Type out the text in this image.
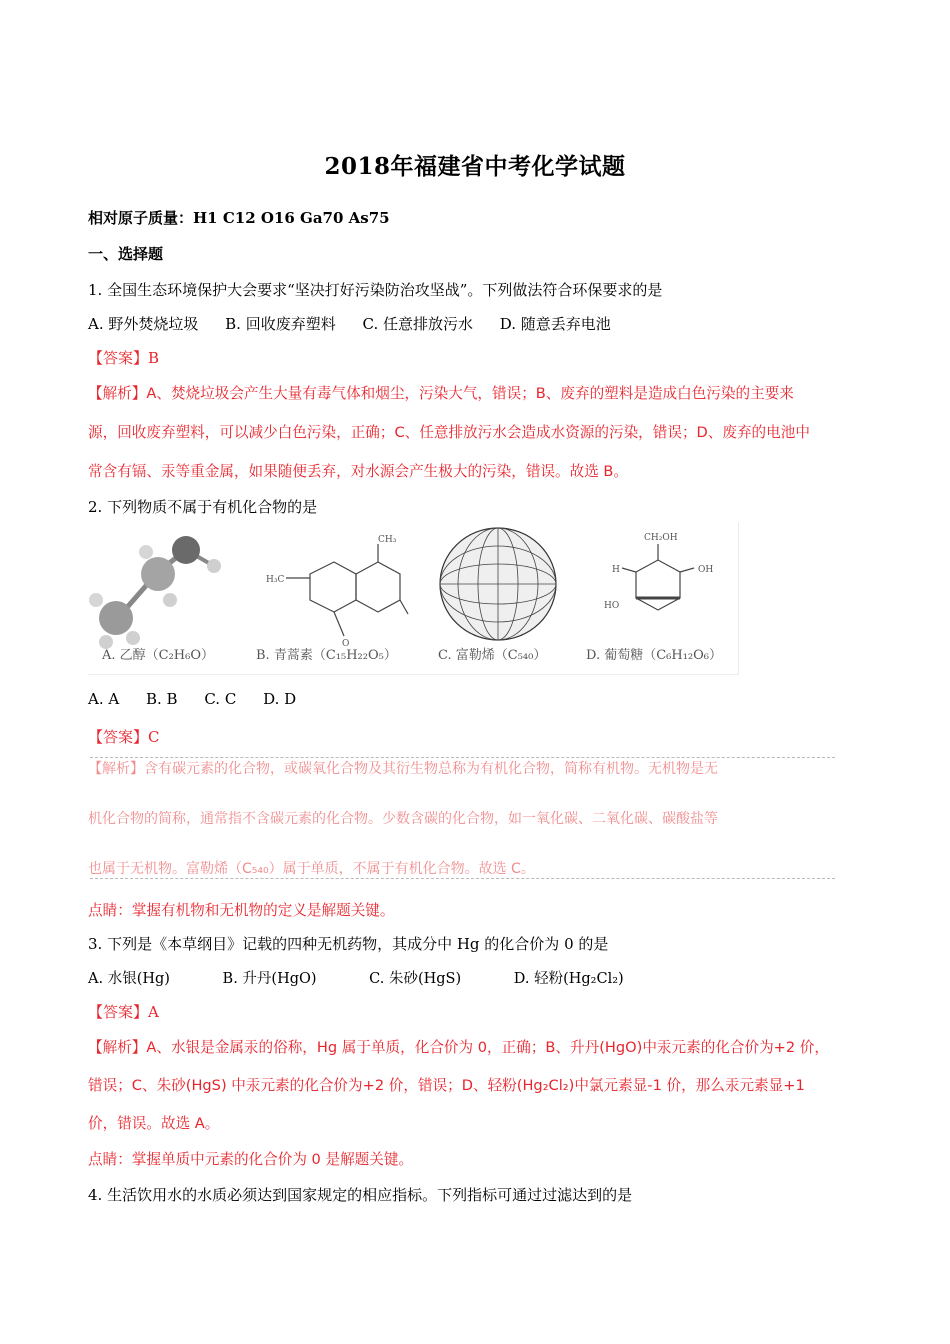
2018年福建省中考化学试题
相对原子质量：H1 C12 O16 Ga70 As75
一、选择题
1. 全国生态环境保护大会要求“坚决打好污染防治攻坚战”。下列做法符合环保要求的是
A. 野外焚烧垃圾 B. 回收废弃塑料 C. 任意排放污水 D. 随意丢弃电池
【答案】B
【解析】A、焚烧垃圾会产生大量有毒气体和烟尘，污染大气，错误；B、废弃的塑料是造成白色污染的主要来
源，回收废弃塑料，可以减少白色污染，正确；C、任意排放污水会造成水资源的污染，错误；D、废弃的电池中
常含有镉、汞等重金属，如果随便丢弃，对水源会产生极大的污染，错误。故选 B。
2. 下列物质不属于有机化合物的是
CH₃
H₃C
O
CH₂OH
OH
H
HO
A. 乙醇（C₂H₆O）	B. 青蒿素（C₁₅H₂₂O₅）	C. 富勒烯（C₅₄₀）	D. 葡萄糖（C₆H₁₂O₆）
A. A B. B C. C D. D
【答案】C
【解析】含有碳元素的化合物，或碳氧化合物及其衍生物总称为有机化合物，简称有机物。无机物是无
机化合物的简称，通常指不含碳元素的化合物。少数含碳的化合物，如一氧化碳、二氧化碳、碳酸盐等
也属于无机物。富勒烯（C₅₄₀）属于单质，不属于有机化合物。故选 C。
点睛：掌握有机物和无机物的定义是解题关键。
3. 下列是《本草纲目》记载的四种无机药物，其成分中 Hg 的化合价为 0 的是
A. 水银(Hg)	B. 升丹(HgO)	C. 朱砂(HgS)	D. 轻粉(Hg₂Cl₂)
【答案】A
【解析】A、水银是金属汞的俗称，Hg 属于单质，化合价为 0，正确；B、升丹(HgO)中汞元素的化合价为+2 价，
错误；C、朱砂(HgS) 中汞元素的化合价为+2 价，错误；D、轻粉(Hg₂Cl₂)中氯元素显-1 价，那么汞元素显+1
价，错误。故选 A。
点睛：掌握单质中元素的化合价为 0 是解题关键。
4. 生活饮用水的水质必须达到国家规定的相应指标。下列指标可通过过滤达到的是
